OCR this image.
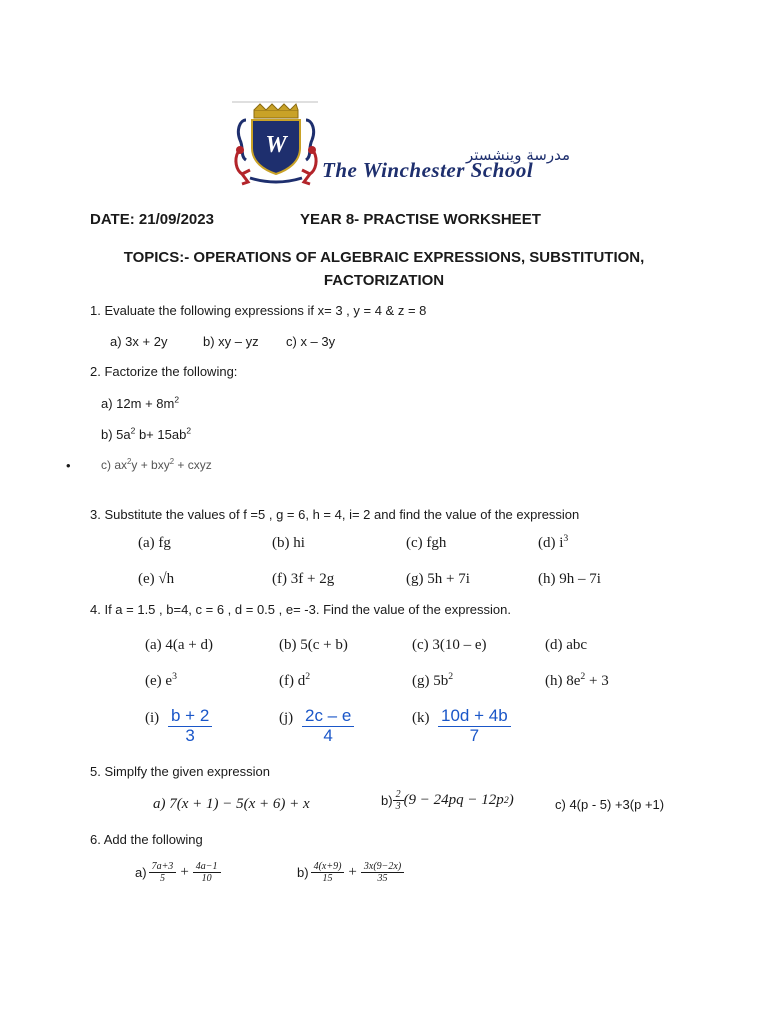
W	مدرسة وينشستر
The Winchester School
DATE: 21/09/2023	YEAR 8- PRACTISE WORKSHEET
TOPICS:- OPERATIONS OF ALGEBRAIC EXPRESSIONS, SUBSTITUTION,
FACTORIZATION
1. Evaluate the following expressions if x= 3 , y = 4 & z = 8
a) 3x + 2y	b) xy – yz c) x – 3y
2. Factorize the following:
a) $12m + 8m^2$
b) $5a^2$ $b+ 15ab^2$
•	c) $ax^2y + bxy^2$ + cxyz
3. Substitute the values of f =5 , g = 6, h = 4, i= 2 and find the value of the expression
(a) fg	(b) hi	(c) fgh	(d) $i^3$
(e) √h	(f) 3f + 2g	(g) 5h + 7i	(h) 9h – 7i
4. If a = 1.5 , b=4, c = 6 , d = 0.5 , e= -3. Find the value of the expression.
(a) 4(a + d)	(b) 5(c + b)	(c) 3(10 – e)	(d) abc
(e) $e^3$	(f) $d^2$	(g) $5b^2$	(h) $8e^2 + 3$
$(i) \frac{b + 2}{3}$	$(j) \frac{2c - e}{4}$	$(k) \frac{10d + 4b}{7}$
5. Simplfy the given expression
a) 7(x + 1) − 5(x + 6) + x	$b) \frac{2}{3} (9 - 24pq - 12p$ 2 )	c) 4(p - 5) +3(p +1)
6. Add the following
$a) \frac{7a+3}{5} + \frac{4a-1}{10}$	$b) \frac{4(x+9)}{15} + \frac{3x(9-2x)}{35}$
